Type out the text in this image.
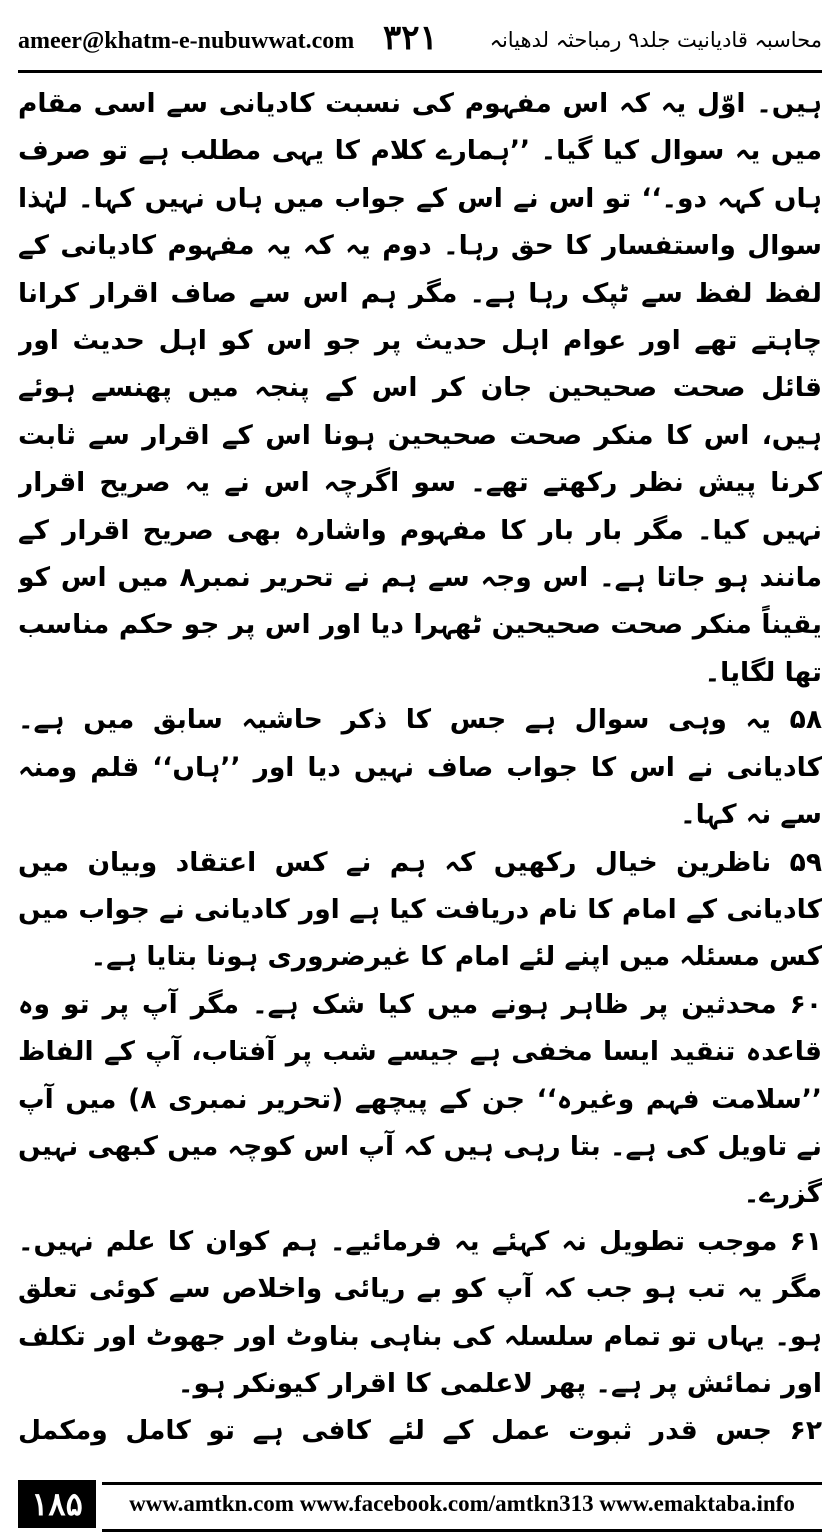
ameer@khatm-e-nubuwwat.com ۳۲۱ محاسبہ قادیانیت جلد۹ رمباحثہ لدھیانہ

ہیں۔ اوّل یہ کہ اس مفہوم کی نسبت کادیانی سے اسی مقام میں یہ سوال کیا گیا۔ ’’ہمارے کلام کا یہی مطلب ہے تو صرف ہاں کہہ دو۔‘‘ تو اس نے اس کے جواب میں ہاں نہیں کہا۔ لہٰذا سوال واستفسار کا حق رہا۔ دوم یہ کہ یہ مفہوم کادیانی کے لفظ لفظ سے ٹپک رہا ہے۔ مگر ہم اس سے صاف اقرار کرانا چاہتے تھے اور عوام اہل حدیث پر جو اس کو اہل حدیث اور قائل صحت صحیحین جان کر اس کے پنجہ میں پھنسے ہوئے ہیں، اس کا منکر صحت صحیحین ہونا اس کے اقرار سے ثابت کرنا پیش نظر رکھتے تھے۔ سو اگرچہ اس نے یہ صریح اقرار نہیں کیا۔ مگر بار بار کا مفہوم واشارہ بھی صریح اقرار کے مانند ہو جاتا ہے۔ اس وجہ سے ہم نے تحریر نمبر۸ میں اس کو یقیناً منکر صحت صحیحین ٹھہرا دیا اور اس پر جو حکم مناسب تھا لگایا۔

۵۸ یہ وہی سوال ہے جس کا ذکر حاشیہ سابق میں ہے۔ کادیانی نے اس کا جواب صاف نہیں دیا اور ’’ہاں‘‘ قلم ومنہ سے نہ کہا۔

۵۹ ناظرین خیال رکھیں کہ ہم نے کس اعتقاد وبیان میں کادیانی کے امام کا نام دریافت کیا ہے اور کادیانی نے جواب میں کس مسئلہ میں اپنے لئے امام کا غیرضروری ہونا بتایا ہے۔

۶۰ محدثین پر ظاہر ہونے میں کیا شک ہے۔ مگر آپ پر تو وہ قاعدہ تنقید ایسا مخفی ہے جیسے شب پر آفتاب، آپ کے الفاظ ’’سلامت فہم وغیرہ‘‘ جن کے پیچھے (تحریر نمبری ۸) میں آپ نے تاویل کی ہے۔ بتا رہی ہیں کہ آپ اس کوچہ میں کبھی نہیں گزرے۔

۶۱ موجب تطویل نہ کہئے یہ فرمائیے۔ ہم کوان کا علم نہیں۔ مگر یہ تب ہو جب کہ آپ کو بے ریائی واخلاص سے کوئی تعلق ہو۔ یہاں تو تمام سلسلہ کی بناہی بناوٹ اور جھوٹ اور تکلف اور نمائش پر ہے۔ پھر لاعلمی کا اقرار کیونکر ہو۔

۶۲ جس قدر ثبوت عمل کے لئے کافی ہے تو کامل ومکمل

۱۸۵	www.amtkn.com www.facebook.com/amtkn313 www.emaktaba.info
